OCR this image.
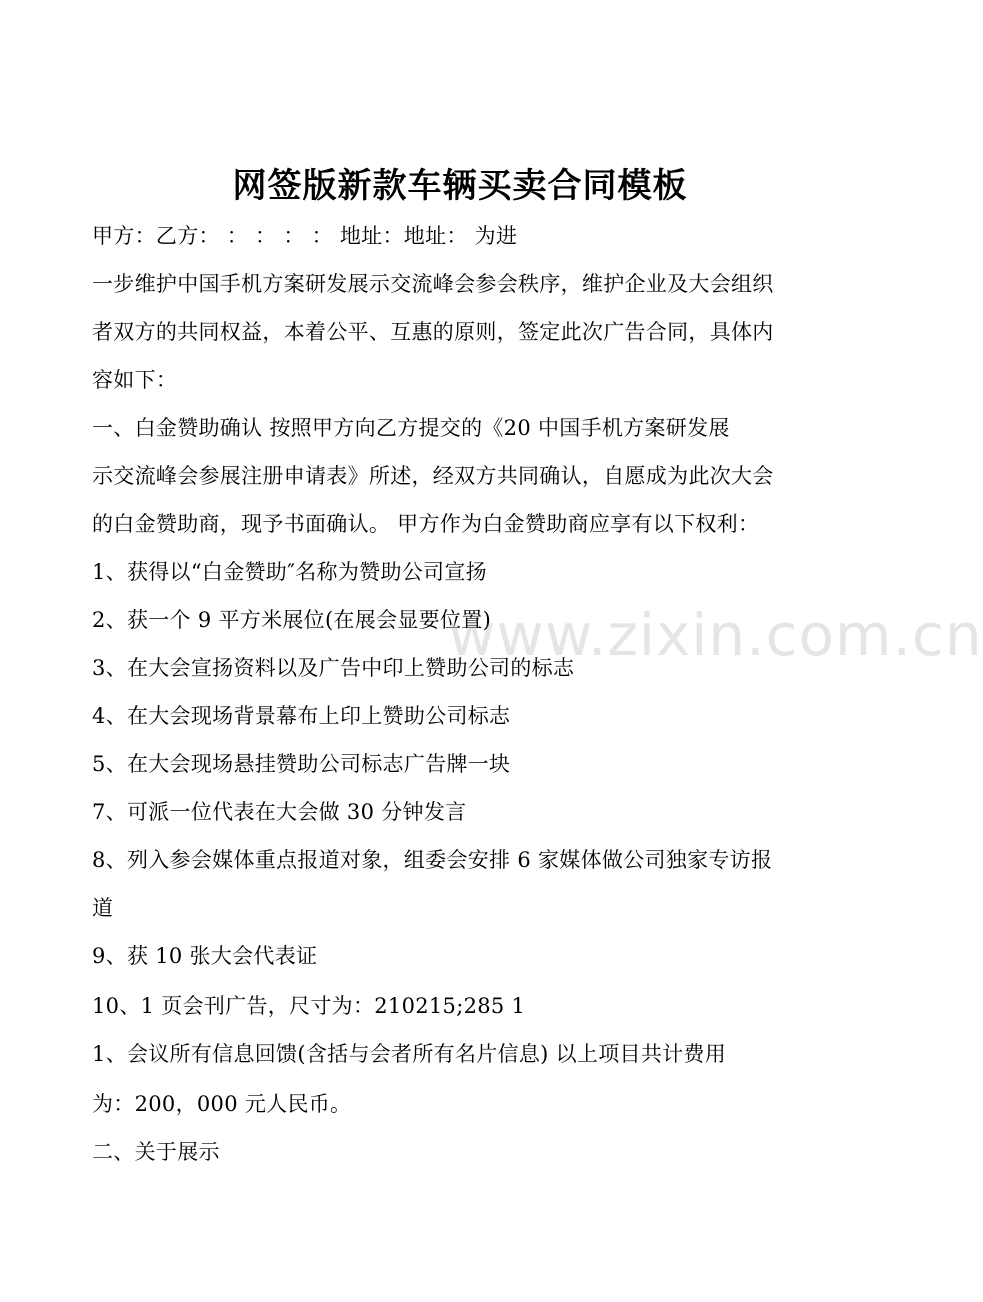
网签版新款车辆买卖合同模板
甲方：乙方： ： ： ： ： 地址：地址： 为进
一步维护中国手机方案研发展示交流峰会参会秩序，维护企业及大会组织
者双方的共同权益，本着公平、互惠的原则，签定此次广告合同，具体内
容如下：
一、白金赞助确认 按照甲方向乙方提交的《20 中国手机方案研发展
示交流峰会参展注册申请表》所述，经双方共同确认，自愿成为此次大会
的白金赞助商，现予书面确认。 甲方作为白金赞助商应享有以下权利：
1、获得以“白金赞助″名称为赞助公司宣扬
2、获一个 9 平方米展位(在展会显要位置)
3、在大会宣扬资料以及广告中印上赞助公司的标志
4、在大会现场背景幕布上印上赞助公司标志
5、在大会现场悬挂赞助公司标志广告牌一块
7、可派一位代表在大会做 30 分钟发言
8、列入参会媒体重点报道对象，组委会安排 6 家媒体做公司独家专访报
道
9、获 10 张大会代表证
10、1 页会刊广告，尺寸为：210215;285 1
1、会议所有信息回馈(含括与会者所有名片信息) 以上项目共计费用
为：200，000 元人民币。
二、关于展示
www.zixin.com.cn
